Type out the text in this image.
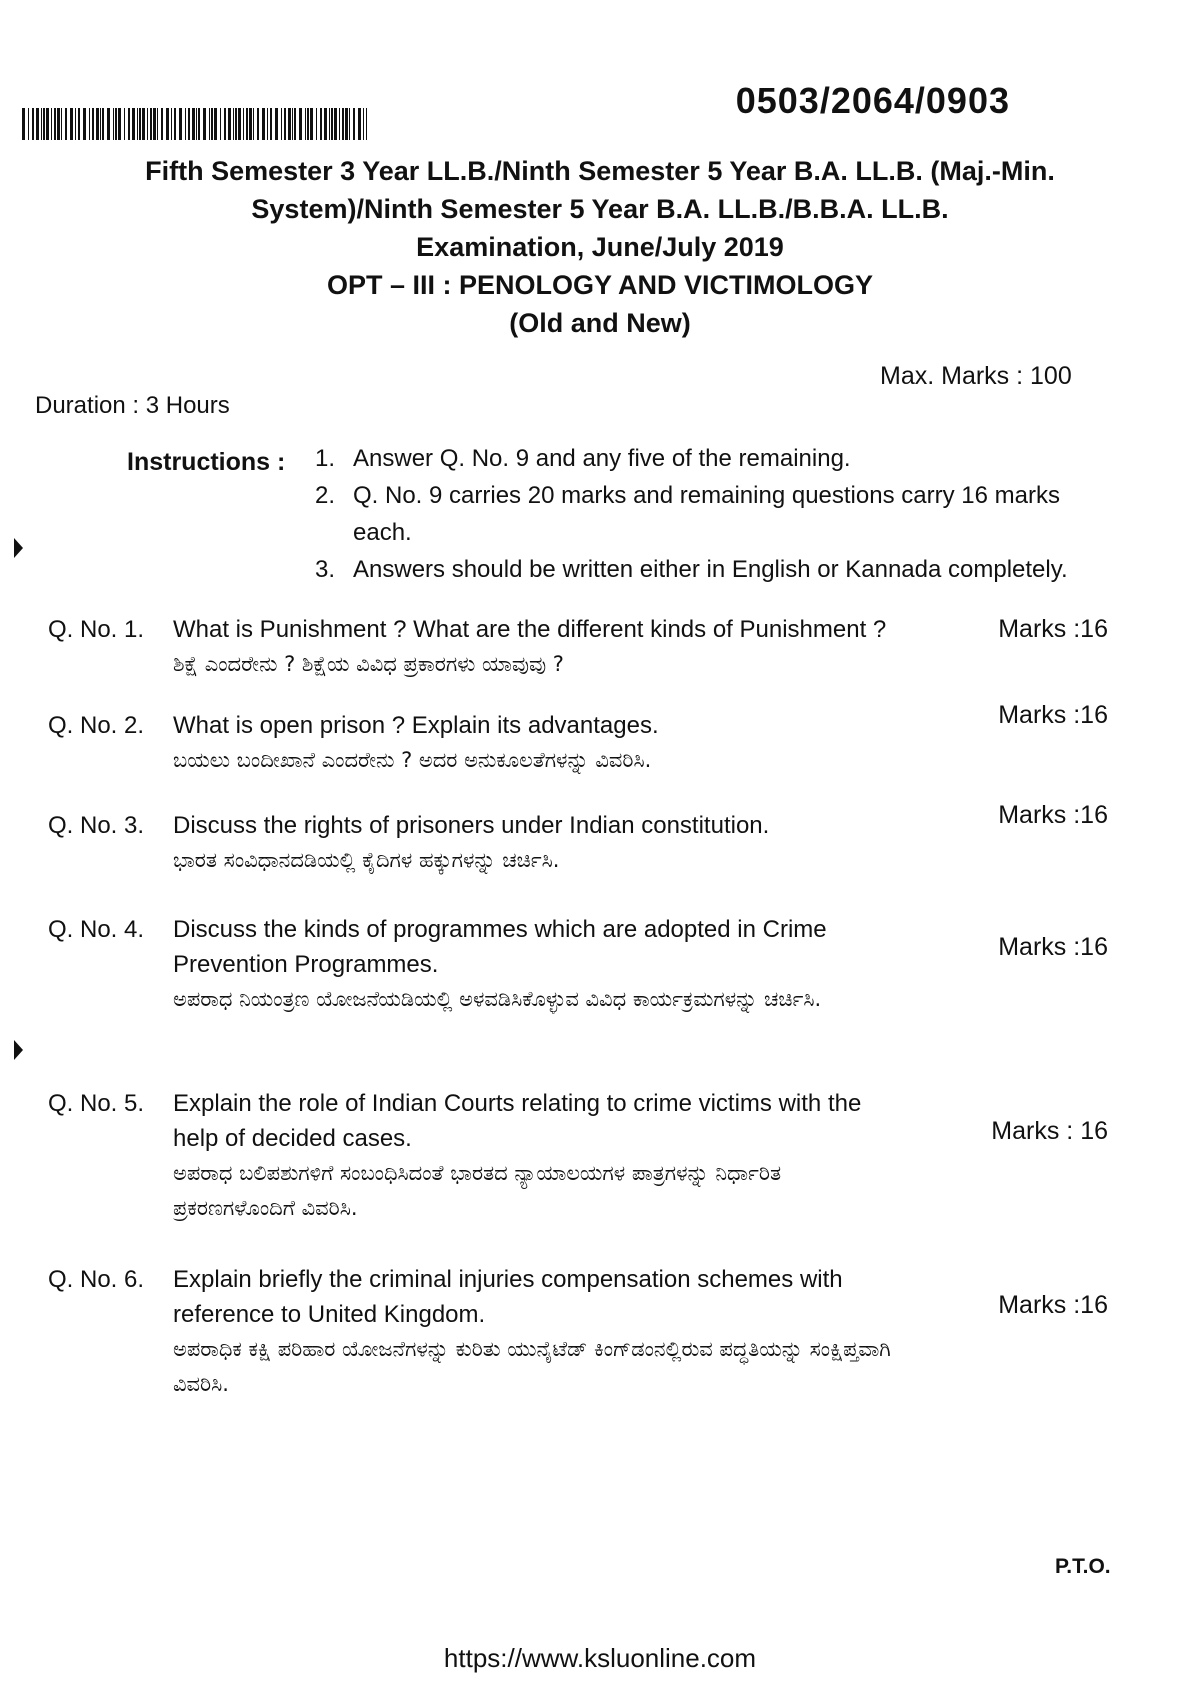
0503/2064/0903
Fifth Semester 3 Year LL.B./Ninth Semester 5 Year B.A. LL.B. (Maj.-Min.
System)/Ninth Semester 5 Year B.A. LL.B./B.B.A. LL.B.
Examination, June/July 2019
OPT – III : PENOLOGY AND VICTIMOLOGY
(Old and New)
Max. Marks : 100
Duration : 3 Hours
Instructions : 1. Answer Q. No. 9 and any five of the remaining.
2. Q. No. 9 carries 20 marks and remaining questions carry 16 marks each.
3. Answers should be written either in English or Kannada completely.
Q. No. 1.	What is Punishment ? What are the different kinds of Punishment ?
ಶಿಕ್ಷೆ ಎಂದರೇನು ? ಶಿಕ್ಷೆಯ ವಿವಿಧ ಪ್ರಕಾರಗಳು ಯಾವುವು ?
Marks :16
Q. No. 2.	What is open prison ? Explain its advantages.
ಬಯಲು ಬಂದೀಖಾನೆ ಎಂದರೇನು ? ಅದರ ಅನುಕೂಲತೆಗಳನ್ನು ವಿವರಿಸಿ.
Marks :16
Q. No. 3.	Discuss the rights of prisoners under Indian constitution.
ಭಾರತ ಸಂವಿಧಾನದಡಿಯಲ್ಲಿ ಕೈದಿಗಳ ಹಕ್ಕುಗಳನ್ನು ಚರ್ಚಿಸಿ.
Marks :16
Q. No. 4.	Discuss the kinds of programmes which are adopted in Crime Prevention Programmes.
ಅಪರಾಧ ನಿಯಂತ್ರಣ ಯೋಜನೆಯಡಿಯಲ್ಲಿ ಅಳವಡಿಸಿಕೊಳ್ಳುವ ವಿವಿಧ ಕಾರ್ಯಕ್ರಮಗಳನ್ನು ಚರ್ಚಿಸಿ.
Marks :16
Q. No. 5.	Explain the role of Indian Courts relating to crime victims with the help of decided cases.
ಅಪರಾಧ ಬಲಿಪಶುಗಳಿಗೆ ಸಂಬಂಧಿಸಿದಂತೆ ಭಾರತದ ನ್ಯಾಯಾಲಯಗಳ ಪಾತ್ರಗಳನ್ನು ನಿರ್ಧಾರಿತ ಪ್ರಕರಣಗಳೊಂದಿಗೆ ವಿವರಿಸಿ.
Marks : 16
Q. No. 6.	Explain briefly the criminal injuries compensation schemes with reference to United Kingdom.
ಅಪರಾಧಿಕ ಕಕ್ಷಿ ಪರಿಹಾರ ಯೋಜನೆಗಳನ್ನು ಕುರಿತು ಯುನೈಟೆಡ್ ಕಿಂಗ್‌ಡಂನಲ್ಲಿರುವ ಪದ್ಧತಿಯನ್ನು ಸಂಕ್ಷಿಪ್ತವಾಗಿ ವಿವರಿಸಿ.
Marks :16
P.T.O.
https://www.ksluonline.com
